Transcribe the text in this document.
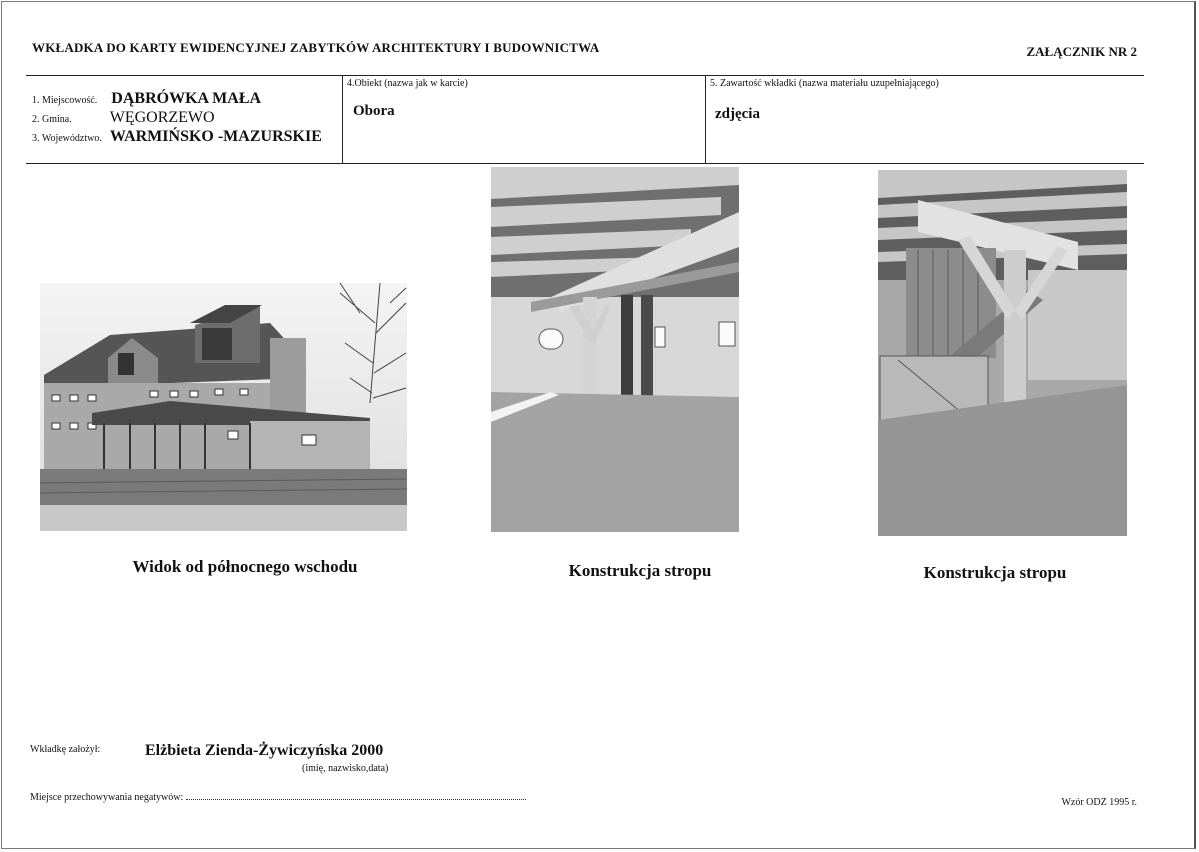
WKŁADKA DO KARTY EWIDENCYJNEJ ZABYTKÓW ARCHITEKTURY I BUDOWNICTWA	ZAŁĄCZNIK NR 2
1. Miejscowość. DĄBRÓWKA MAŁA
2. Gmina. WĘGORZEWO
3. Województwo. WARMIŃSKO -MAZURSKIE
4.Obiekt (nazwa jak w karcie)
Obora
5. Zawartość wkładki (nazwa materiału uzupełniającego)
zdjęcia
Widok od północnego wschodu	Konstrukcja stropu	Konstrukcja stropu
Wkładkę założył:	Elżbieta Zienda-Żywiczyńska 2000
(imię, nazwisko,data)
Miejsce przechowywania negatywów:	Wzór ODZ 1995 r.
